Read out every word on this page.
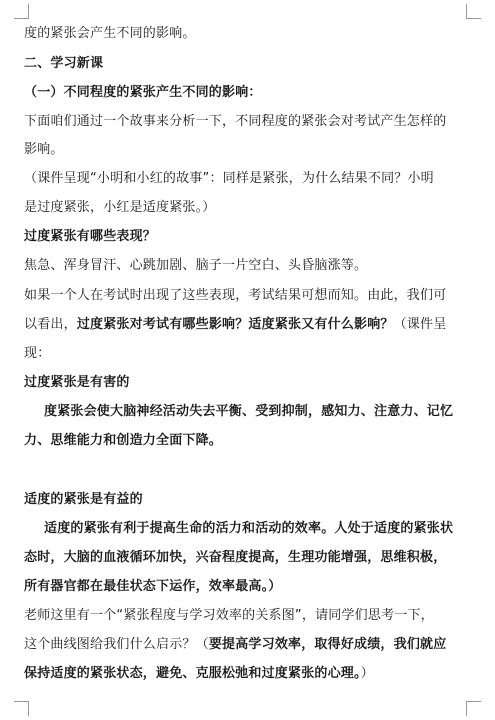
度的紧张会产生不同的影响。
二、学习新课
（一）不同程度的紧张产生不同的影响：
下面咱们通过一个故事来分析一下，不同程度的紧张会对考试产生怎样的
影响。
（课件呈现“小明和小红的故事”：同样是紧张，为什么结果不同？小明
是过度紧张，小红是适度紧张。）
过度紧张有哪些表现？
焦急、浑身冒汗、心跳加剧、脑子一片空白、头昏脑涨等。
如果一个人在考试时出现了这些表现，考试结果可想而知。由此，我们可
以看出，过度紧张对考试有哪些影响？适度紧张又有什么影响？（课件呈
现：
过度紧张是有害的
度紧张会使大脑神经活动失去平衡、受到抑制，感知力、注意力、记忆
力、思维能力和创造力全面下降。
适度的紧张是有益的
适度的紧张有利于提高生命的活力和活动的效率。人处于适度的紧张状
态时，大脑的血液循环加快，兴奋程度提高，生理功能增强，思维积极，
所有器官都在最佳状态下运作，效率最高。）
老师这里有一个“紧张程度与学习效率的关系图”，请同学们思考一下，
这个曲线图给我们什么启示？（要提高学习效率，取得好成绩，我们就应
保持适度的紧张状态，避免、克服松弛和过度紧张的心理。）
